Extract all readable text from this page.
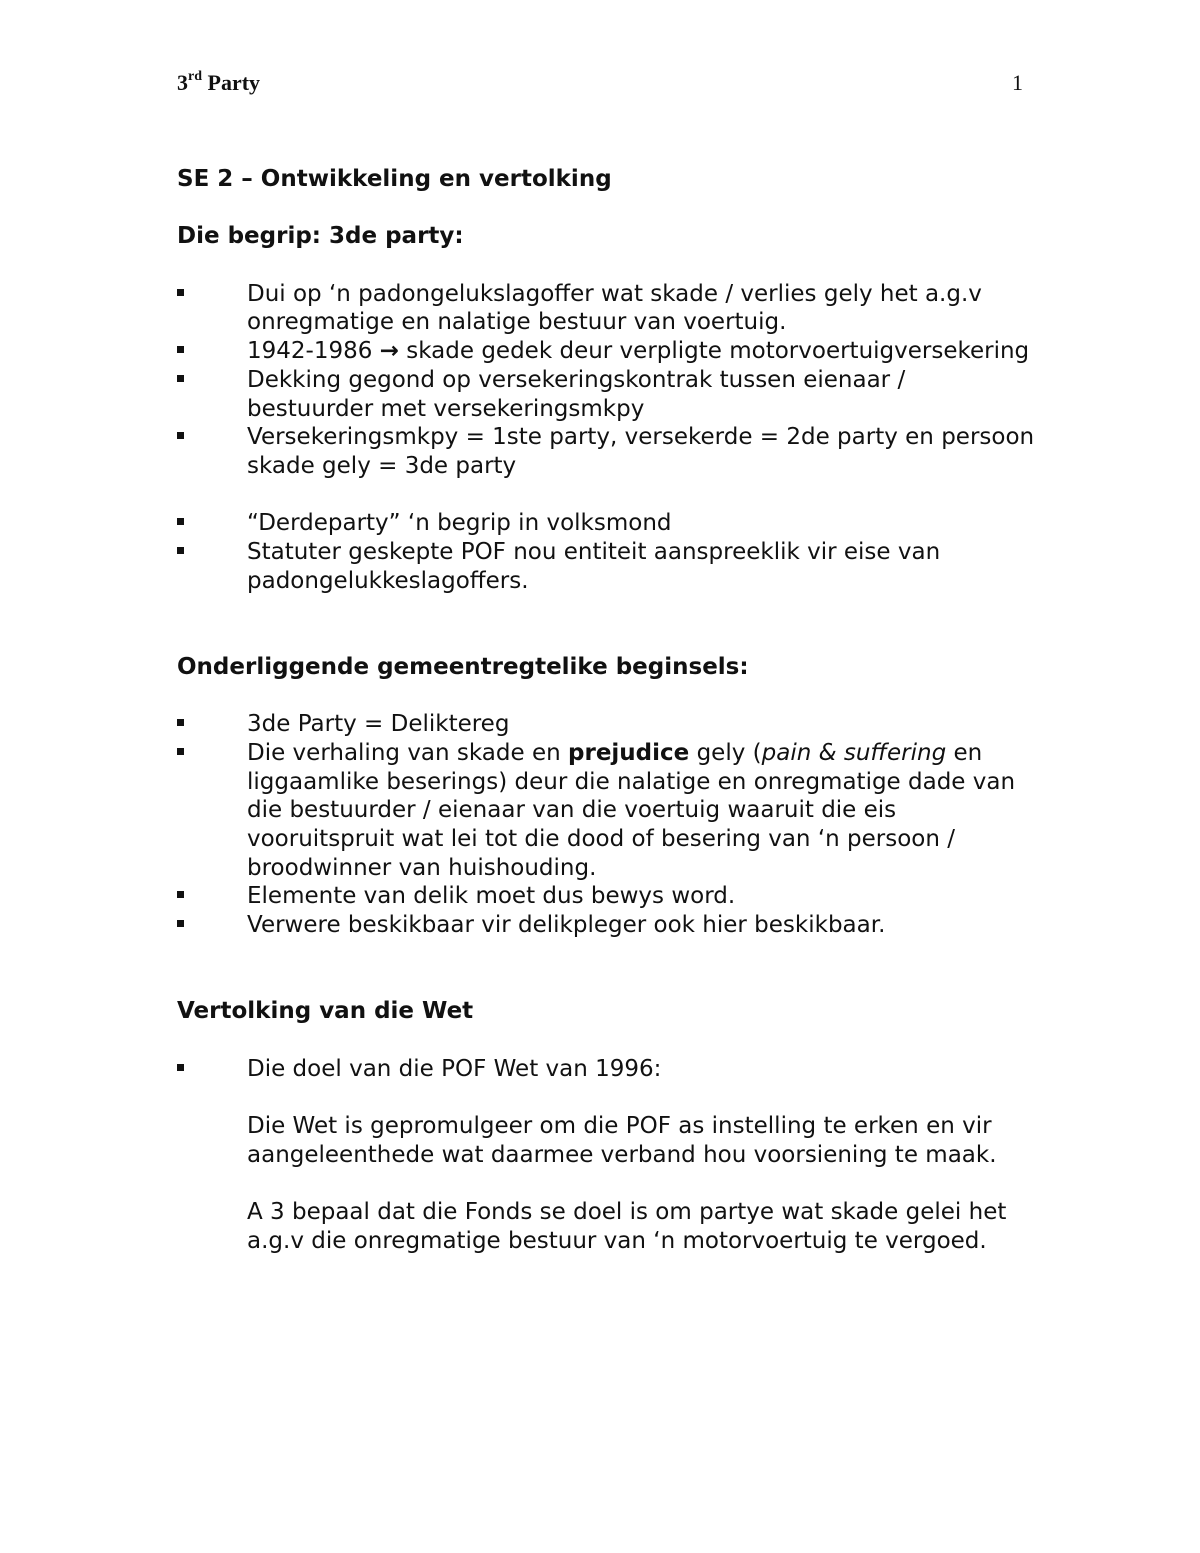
3rd Party	1

SE 2 – Ontwikkeling en vertolking

Die begrip: 3de party:

Dui op ‘n padongelukslagoffer wat skade / verlies gely het a.g.v onregmatige en nalatige bestuur van voertuig.
1942-1986 → skade gedek deur verpligte motorvoertuigversekering
Dekking gegond op versekeringskontrak tussen eienaar / bestuurder met versekeringsmkpy
Versekeringsmkpy = 1ste party, versekerde = 2de party en persoon skade gely = 3de party
“Derdeparty” ‘n begrip in volksmond
Statuter geskepte POF nou entiteit aanspreeklik vir eise van padongelukkeslagoffers.

Onderliggende gemeentregtelike beginsels:

3de Party = Deliktereg
Die verhaling van skade en prejudice gely (pain & suffering en liggaamlike beserings) deur die nalatige en onregmatige dade van die bestuurder / eienaar van die voertuig waaruit die eis vooruitspruit wat lei tot die dood of besering van ‘n persoon / broodwinner van huishouding.
Elemente van delik moet dus bewys word.
Verwere beskikbaar vir delikpleger ook hier beskikbaar.

Vertolking van die Wet

Die doel van die POF Wet van 1996:

Die Wet is gepromulgeer om die POF as instelling te erken en vir aangeleenthede wat daarmee verband hou voorsiening te maak.

A 3 bepaal dat die Fonds se doel is om partye wat skade gelei het a.g.v die onregmatige bestuur van ‘n motorvoertuig te vergoed.
